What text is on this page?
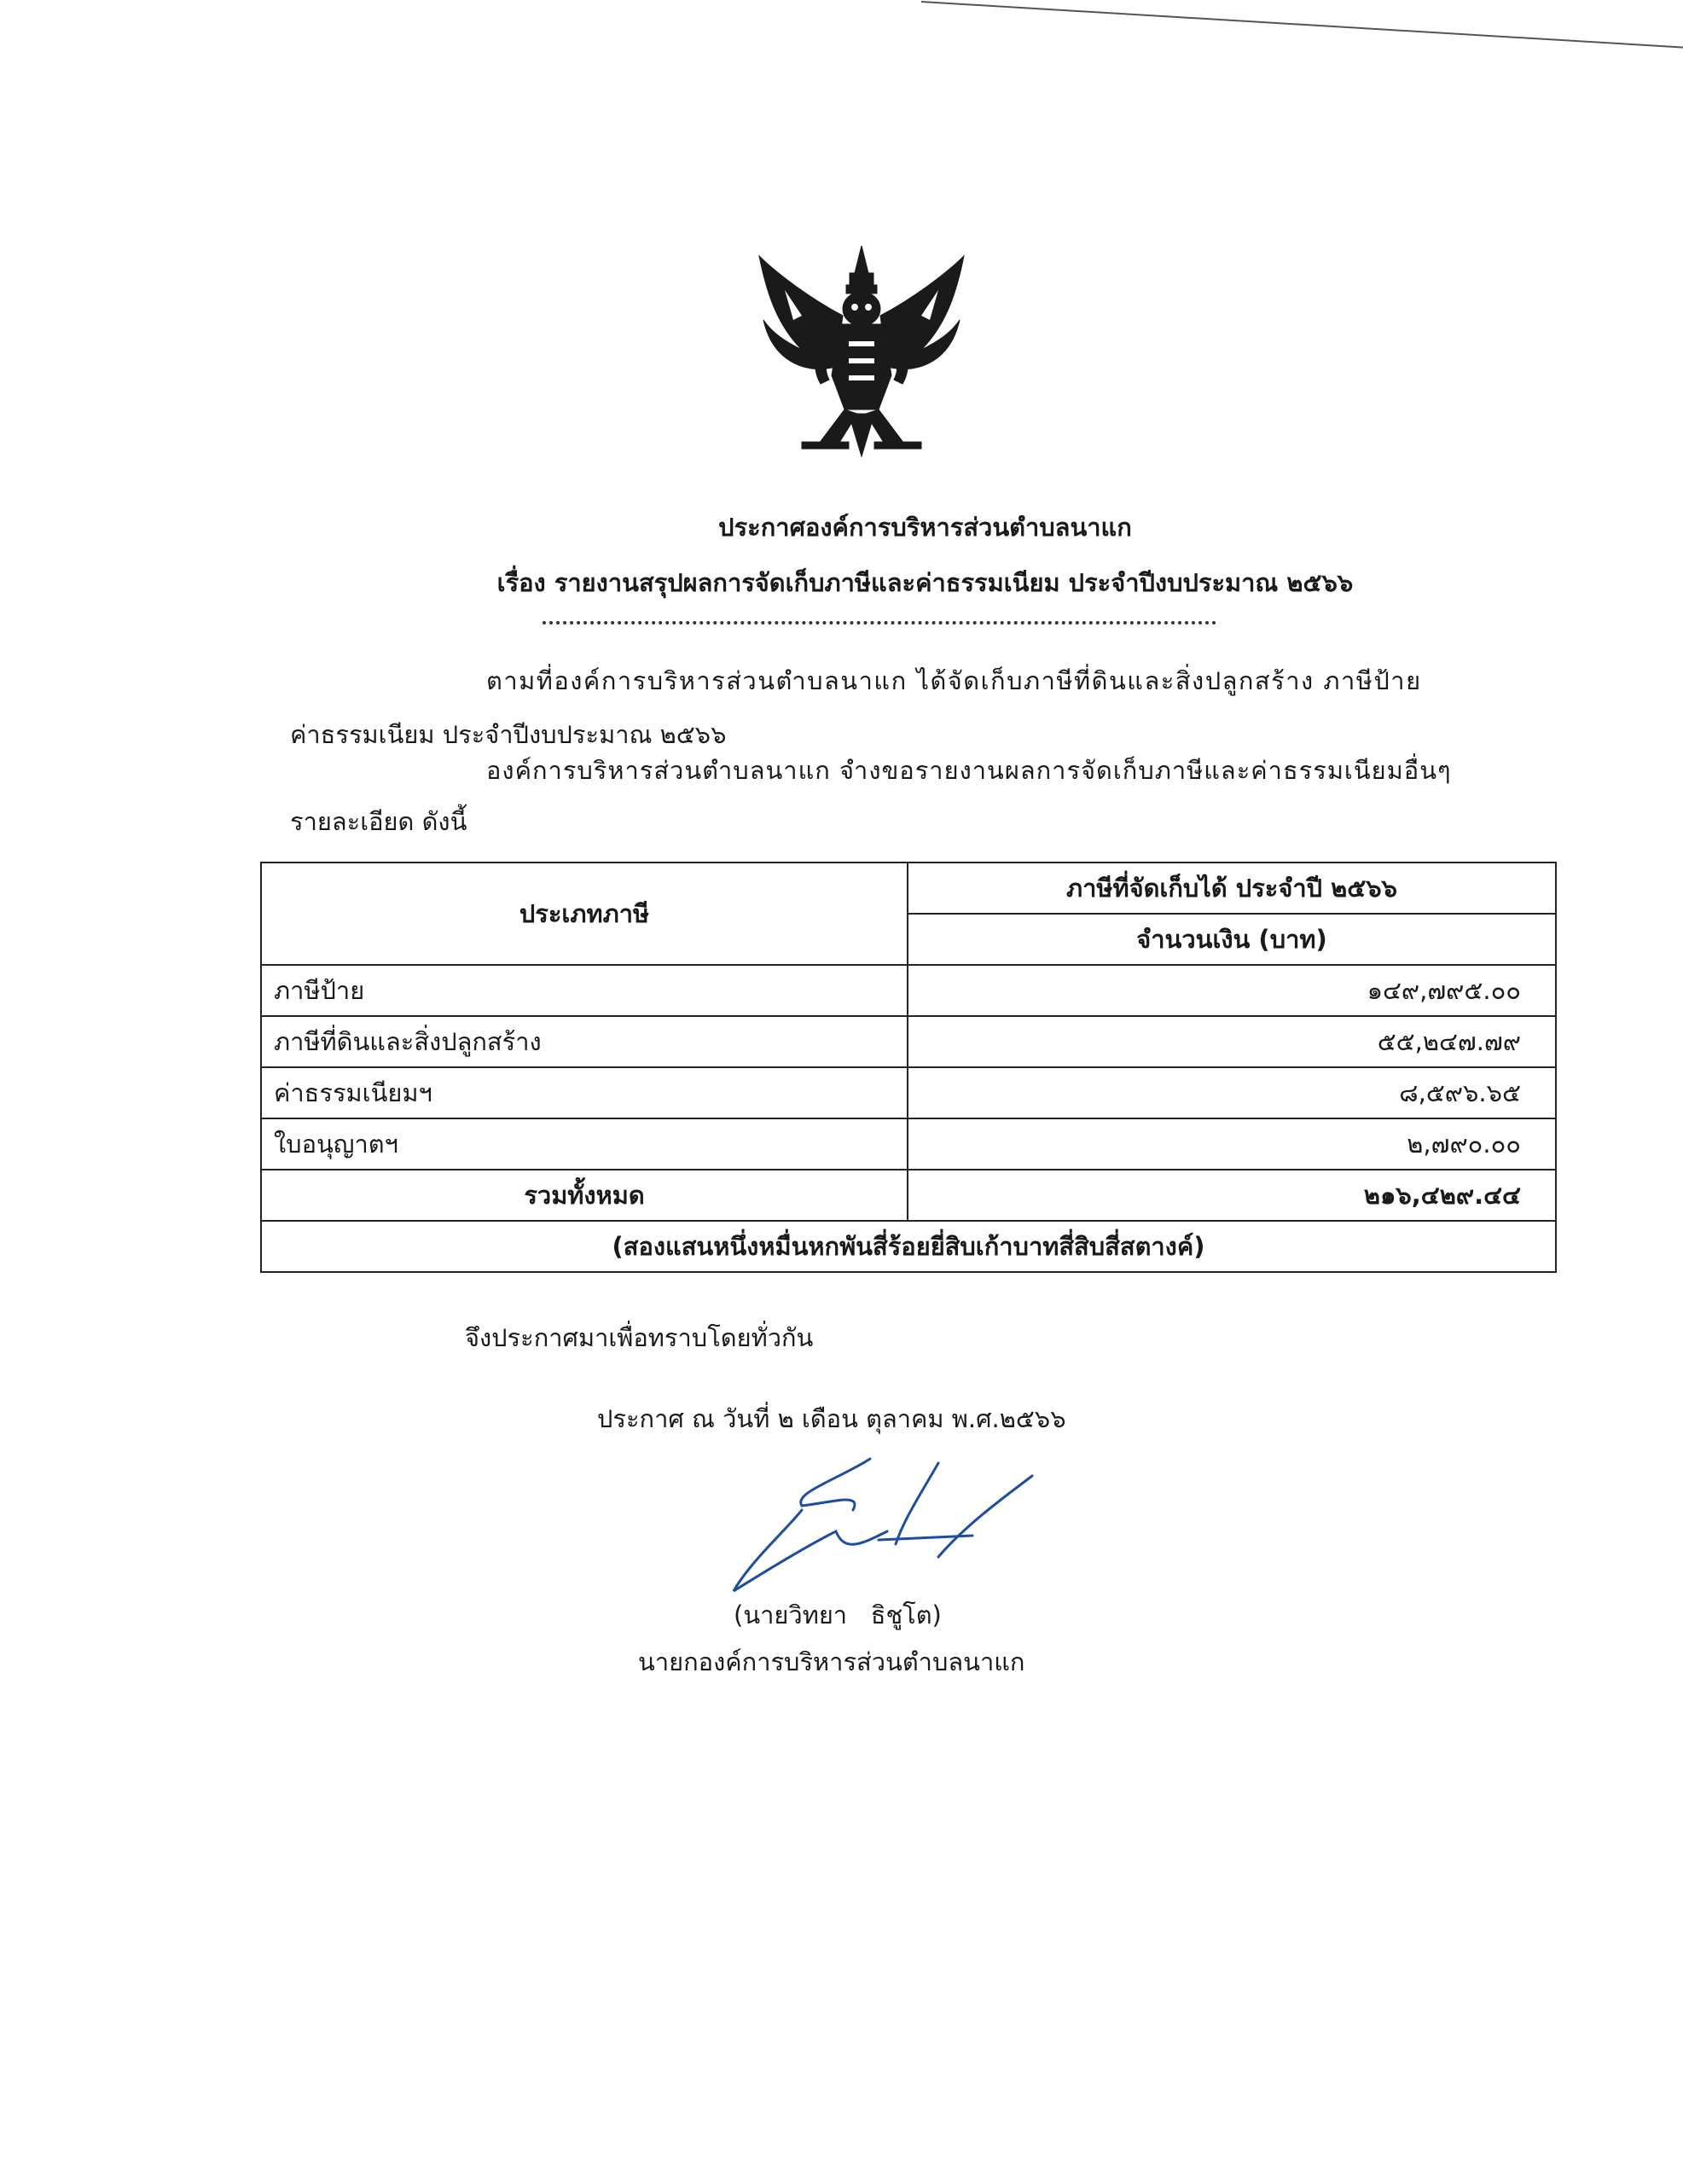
ประกาศองค์การบริหารส่วนตำบลนาแก
เรื่อง รายงานสรุปผลการจัดเก็บภาษีและค่าธรรมเนียม ประจำปีงบประมาณ ๒๕๖๖
ตามที่องค์การบริหารส่วนตำบลนาแก ได้จัดเก็บภาษีที่ดินและสิ่งปลูกสร้าง ภาษีป้าย
ค่าธรรมเนียม ประจำปีงบประมาณ ๒๕๖๖
องค์การบริหารส่วนตำบลนาแก จำงขอรายงานผลการจัดเก็บภาษีและค่าธรรมเนียมอื่นๆ
รายละเอียด ดังนี้
ประเภทภาษี	ภาษีที่จัดเก็บได้ ประจำปี ๒๕๖๖
	จำนวนเงิน (บาท)
ภาษีป้าย	๑๔๙,๗๙๕.๐๐
ภาษีที่ดินและสิ่งปลูกสร้าง	๕๕,๒๔๗.๗๙
ค่าธรรมเนียมฯ	๘,๕๙๖.๖๕
ใบอนุญาตฯ	๒,๗๙๐.๐๐
รวมทั้งหมด	๒๑๖,๔๒๙.๔๔
(สองแสนหนึ่งหมื่นหกพันสี่ร้อยยี่สิบเก้าบาทสี่สิบสี่สตางค์)	
จึงประกาศมาเพื่อทราบโดยทั่วกัน
ประกาศ ณ วันที่ ๒ เดือน ตุลาคม พ.ศ.๒๕๖๖
(นายวิทยา   ธิชูโต)
นายกองค์การบริหารส่วนตำบลนาแก
